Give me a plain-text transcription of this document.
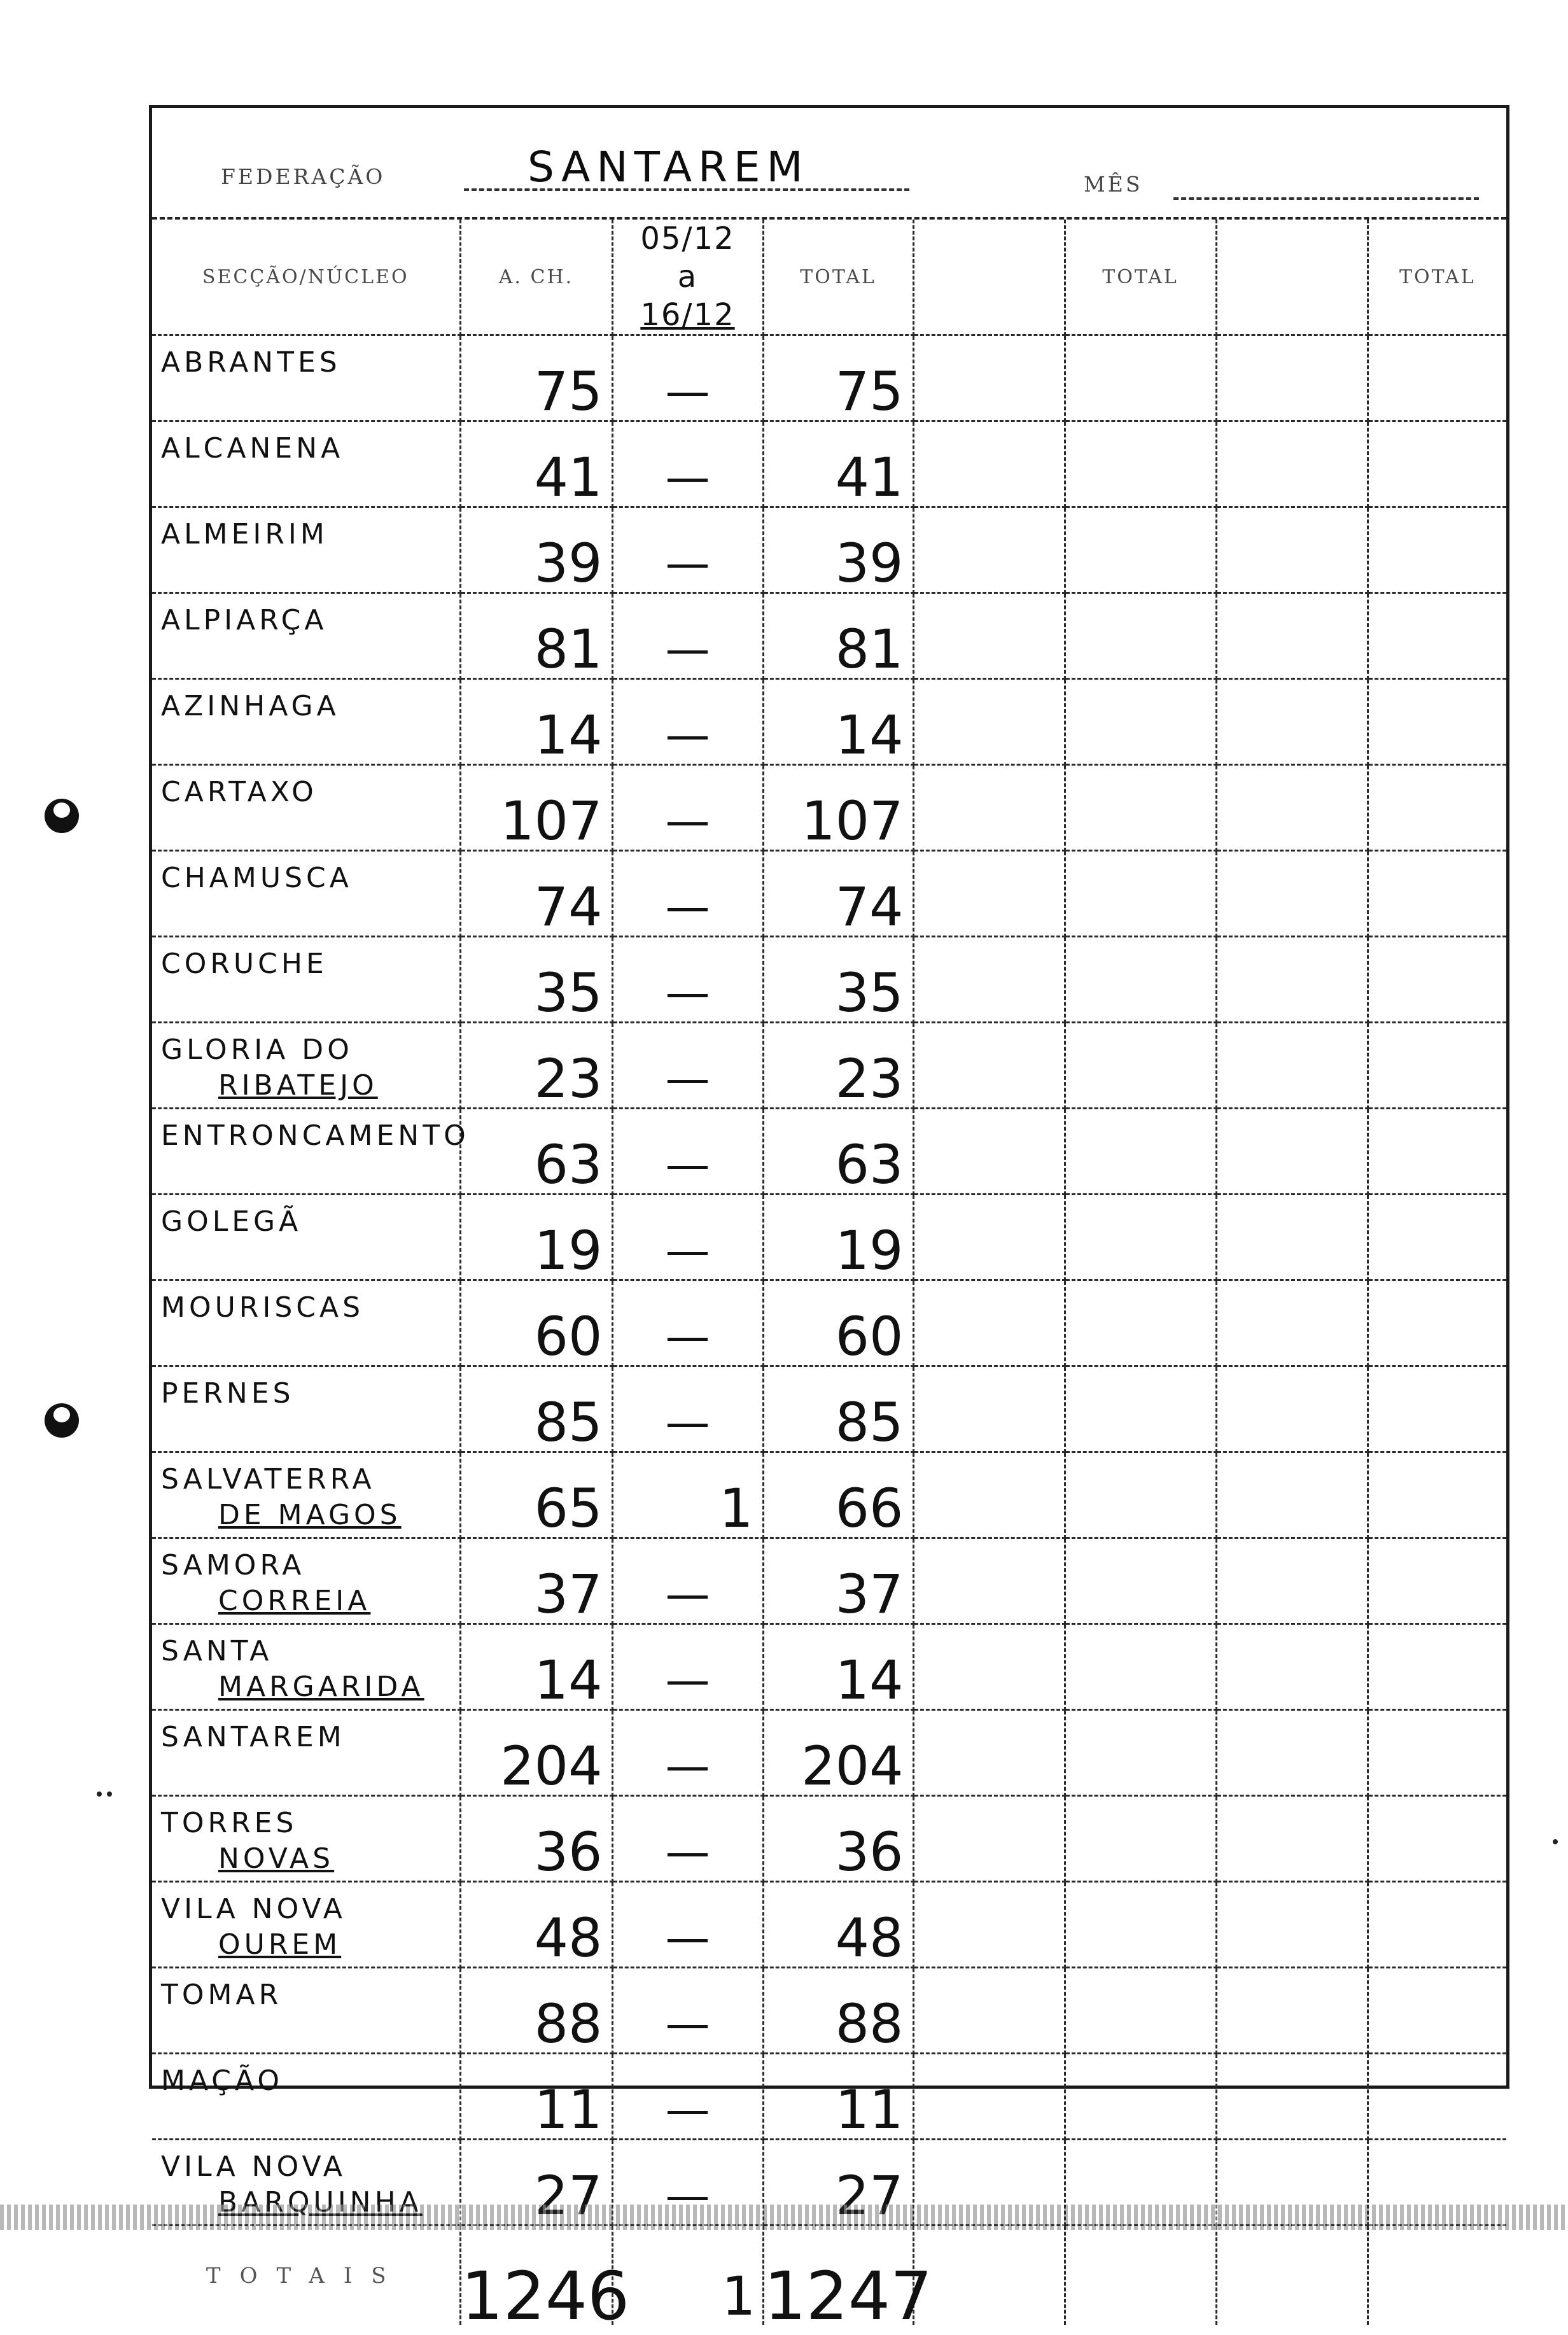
FEDERAÇÃO	SANTAREM	MÊS
SECÇÃO/NÚCLEO	A. CH.	05/12
a
16/12	TOTAL		TOTAL		TOTAL
ABRANTES	75	—	75				
ALCANENA	41	—	41				
ALMEIRIM	39	—	39				
ALPIARÇA	81	—	81				
AZINHAGA	14	—	14				
CARTAXO	107	—	107				
CHAMUSCA	74	—	74				
CORUCHE	35	—	35				
GLORIA DO
RIBATEJO	23	—	23				
ENTRONCAMENTO	63	—	63				
GOLEGÃ	19	—	19				
MOURISCAS	60	—	60				
PERNES	85	—	85				
SALVATERRA
DE MAGOS	65	1	66				
SAMORA
CORREIA	37	—	37				
SANTA
MARGARIDA	14	—	14				
SANTAREM	204	—	204				
TORRES
NOVAS	36	—	36				
VILA NOVA
OUREM	48	—	48				
TOMAR	88	—	88				
MAÇÃO	11	—	11				
VILA NOVA
BARQUINHA	27	—	27				
TOTAIS	1246	1	1247				
